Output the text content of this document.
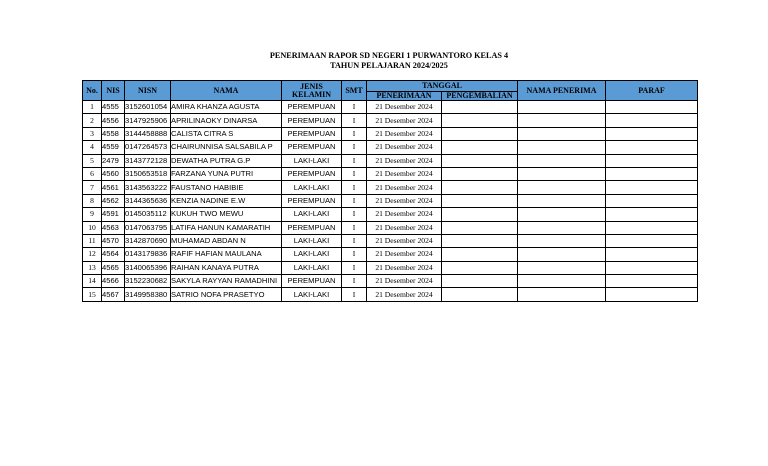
PENERIMAAN RAPOR SD NEGERI 1 PURWANTORO KELAS 4
TAHUN PELAJARAN 2024/2025
No.	NIS	NISN	NAMA	JENIS KELAMIN	SMT	TANGGAL		NAMA PENERIMA	PARAF
						PENERIMAAN	PENGEMBALIAN		
1	4555	3152601054	AMIRA KHANZA AGUSTA	PEREMPUAN	I	21 Desember 2024			
2	4556	3147925906	APRILINAOKY DINARSA	PEREMPUAN	I	21 Desember 2024			
3	4558	3144458888	CALISTA CITRA S	PEREMPUAN	I	21 Desember 2024			
4	4559	0147264573	CHAIRUNNISA SALSABILA P	PEREMPUAN	I	21 Desember 2024			
5	2479	3143772128	DEWATHA PUTRA G.P	LAKI-LAKI	I	21 Desember 2024			
6	4560	3150653518	FARZANA YUNA PUTRI	PEREMPUAN	I	21 Desember 2024			
7	4561	3143563222	FAUSTANO HABIBIE	LAKI-LAKI	I	21 Desember 2024			
8	4562	3144365636	KENZIA NADINE E.W	PEREMPUAN	I	21 Desember 2024			
9	4591	0145035112	KUKUH TWO MEWU	LAKI-LAKI	I	21 Desember 2024			
10	4563	0147063795	LATIFA HANUN KAMARATIH	PEREMPUAN	I	21 Desember 2024			
11	4570	3142870690	MUHAMAD ABDAN N	LAKI-LAKI	I	21 Desember 2024			
12	4564	0143179836	RAFIF HAFIAN MAULANA	LAKI-LAKI	I	21 Desember 2024			
13	4565	3140065396	RAIHAN KANAYA PUTRA	LAKI-LAKI	I	21 Desember 2024			
14	4566	3152230682	SAKYLA RAYYAN RAMADHINI	PEREMPUAN	I	21 Desember 2024			
15	4567	3149958380	SATRIO NOFA PRASETYO	LAKI-LAKI	I	21 Desember 2024			
